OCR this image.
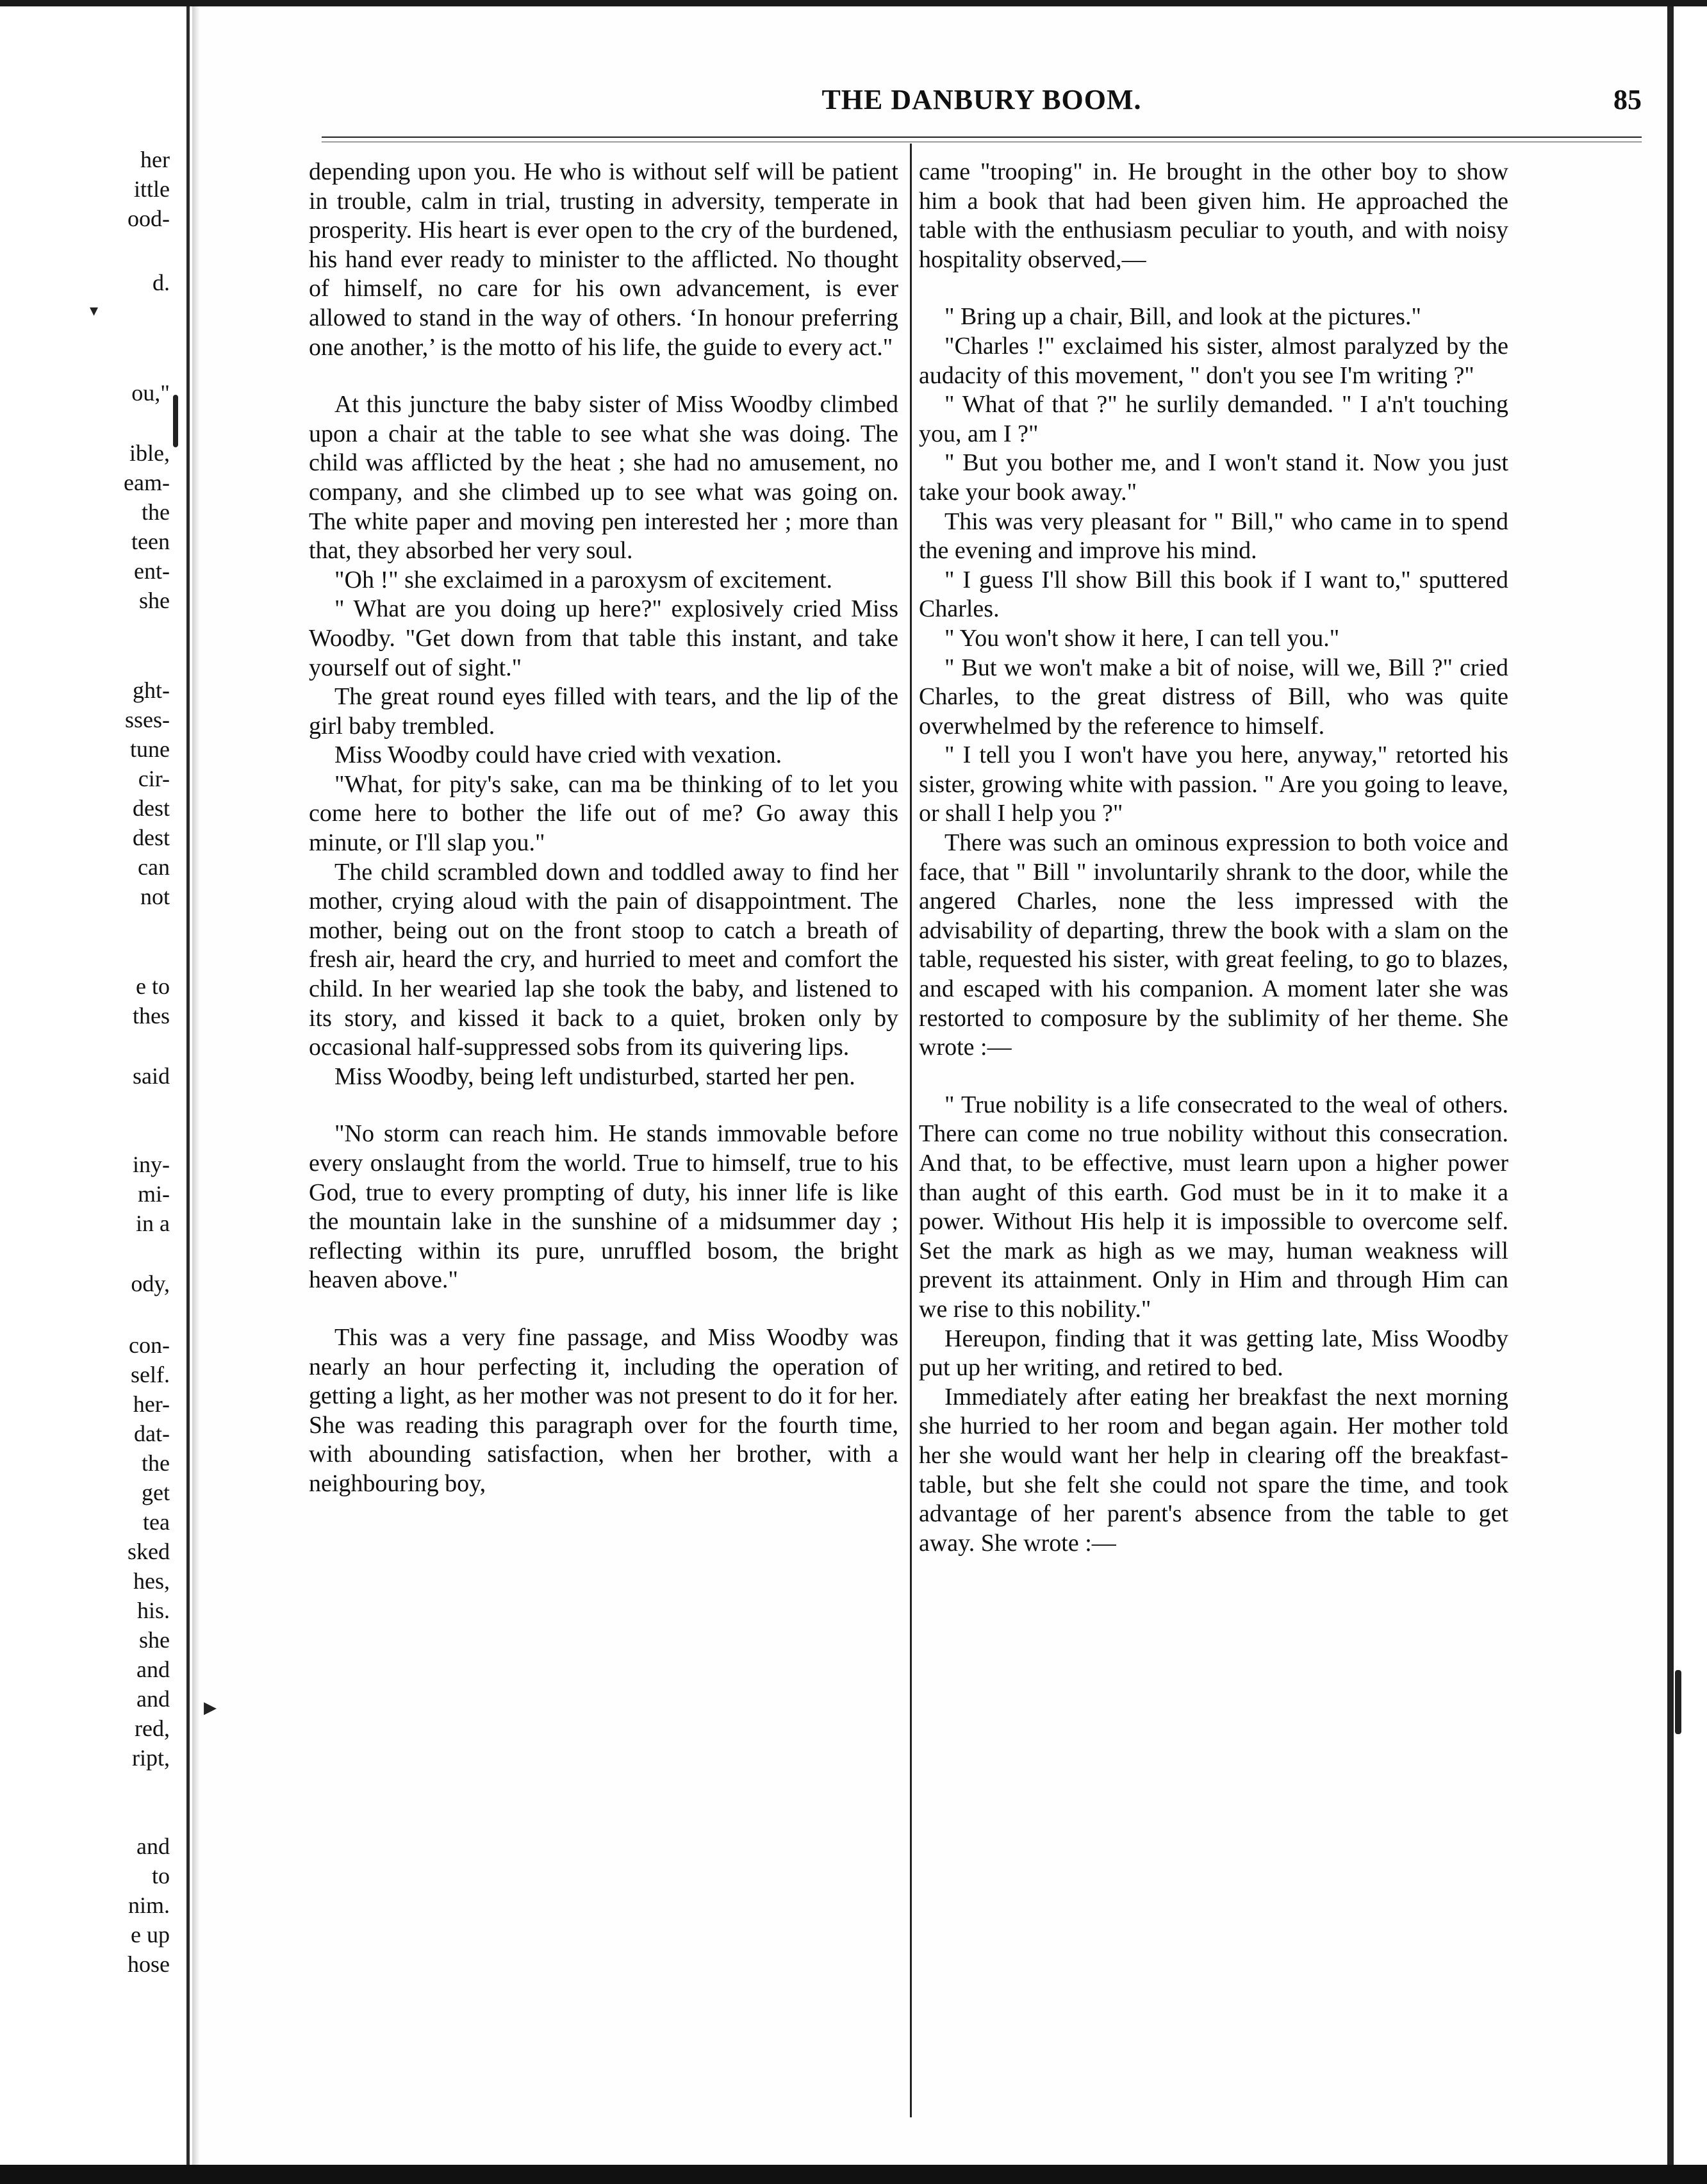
her
ittle
ood-
d.
ou,"
ible,
eam-
the
teen
ent-
she
ght-
sses-
tune
cir-
dest
dest
can
not
e to
thes
said
iny-
mi-
in a
ody,
con-
self.
her-
dat-
the
get
tea
sked
hes,
his.
she
and
and
red,
ript,
and
to
nim.
e up
hose
THE DANBURY BOOM.	85

depending upon you. He who is without self will be patient in trouble, calm in trial, trusting in adversity, temperate in prosperity. His heart is ever open to the cry of the burdened, his hand ever ready to minister to the afflicted. No thought of himself, no care for his own advancement, is ever allowed to stand in the way of others. ‘In honour preferring one another,’ is the motto of his life, the guide to every act."

At this juncture the baby sister of Miss Woodby climbed upon a chair at the table to see what she was doing. The child was afflicted by the heat ; she had no amusement, no company, and she climbed up to see what was going on. The white paper and moving pen interested her ; more than that, they absorbed her very soul.

"Oh !" she exclaimed in a paroxysm of excitement.

" What are you doing up here?" explosively cried Miss Woodby. "Get down from that table this instant, and take yourself out of sight."

The great round eyes filled with tears, and the lip of the girl baby trembled.

Miss Woodby could have cried with vexation.

"What, for pity's sake, can ma be thinking of to let you come here to bother the life out of me? Go away this minute, or I'll slap you."

The child scrambled down and toddled away to find her mother, crying aloud with the pain of disappointment. The mother, being out on the front stoop to catch a breath of fresh air, heard the cry, and hurried to meet and comfort the child. In her wearied lap she took the baby, and listened to its story, and kissed it back to a quiet, broken only by occasional half-suppressed sobs from its quivering lips.

Miss Woodby, being left undisturbed, started her pen.

"No storm can reach him. He stands immovable before every onslaught from the world. True to himself, true to his God, true to every prompting of duty, his inner life is like the mountain lake in the sunshine of a midsummer day ; reflecting within its pure, unruffled bosom, the bright heaven above."

This was a very fine passage, and Miss Woodby was nearly an hour perfecting it, including the operation of getting a light, as her mother was not present to do it for her. She was reading this paragraph over for the fourth time, with abounding satisfaction, when her brother, with a neighbouring boy,

came "trooping" in. He brought in the other boy to show him a book that had been given him. He approached the table with the enthusiasm peculiar to youth, and with noisy hospitality observed,—

" Bring up a chair, Bill, and look at the pictures."

"Charles !" exclaimed his sister, almost paralyzed by the audacity of this movement, " don't you see I'm writing ?"

" What of that ?" he surlily demanded. " I a'n't touching you, am I ?"

" But you bother me, and I won't stand it. Now you just take your book away."

This was very pleasant for " Bill," who came in to spend the evening and improve his mind.

" I guess I'll show Bill this book if I want to," sputtered Charles.

" You won't show it here, I can tell you."

" But we won't make a bit of noise, will we, Bill ?" cried Charles, to the great distress of Bill, who was quite overwhelmed by the reference to himself.

" I tell you I won't have you here, anyway," retorted his sister, growing white with passion. " Are you going to leave, or shall I help you ?"

There was such an ominous expression to both voice and face, that " Bill " involuntarily shrank to the door, while the angered Charles, none the less impressed with the advisability of departing, threw the book with a slam on the table, requested his sister, with great feeling, to go to blazes, and escaped with his companion. A moment later she was restorted to composure by the sublimity of her theme. She wrote :—

" True nobility is a life consecrated to the weal of others. There can come no true nobility without this consecration. And that, to be effective, must learn upon a higher power than aught of this earth. God must be in it to make it a power. Without His help it is impossible to overcome self. Set the mark as high as we may, human weakness will prevent its attainment. Only in Him and through Him can we rise to this nobility."

Hereupon, finding that it was getting late, Miss Woodby put up her writing, and retired to bed.

Immediately after eating her breakfast the next morning she hurried to her room and began again. Her mother told her she would want her help in clearing off the breakfast-table, but she felt she could not spare the time, and took advantage of her parent's absence from the table to get away. She wrote :—

▶
▾
